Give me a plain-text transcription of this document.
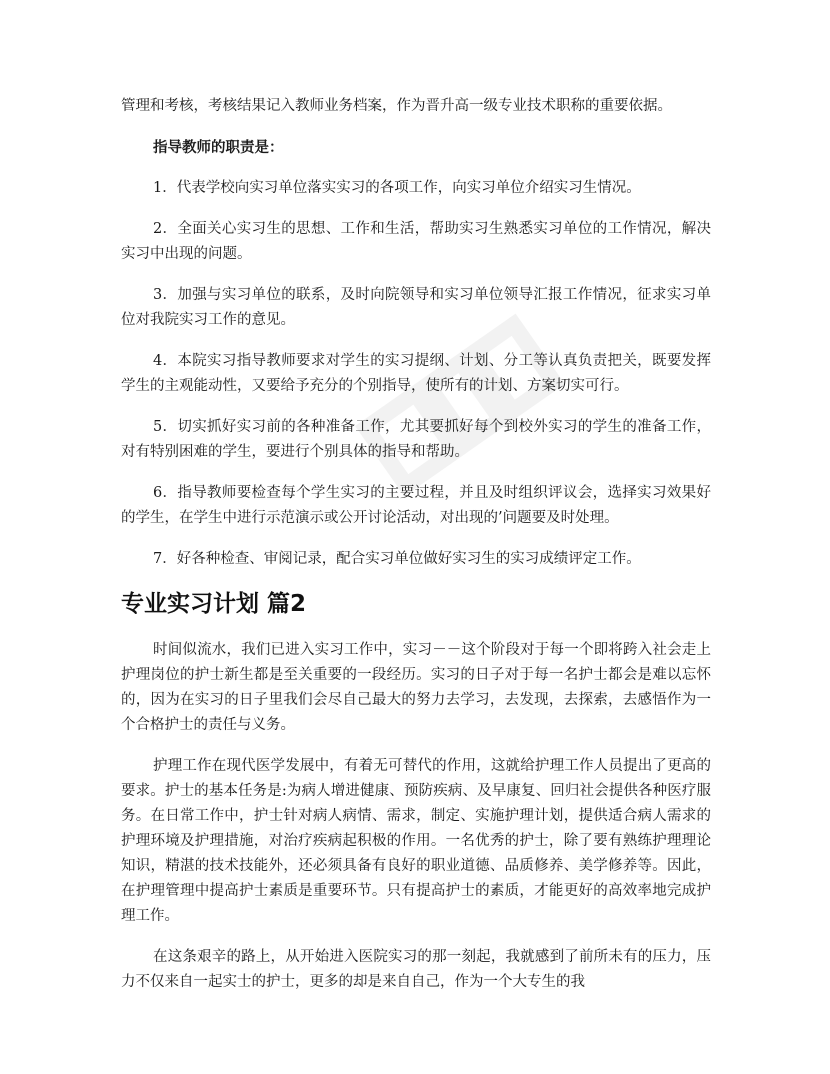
管理和考核，考核结果记入教师业务档案，作为晋升高一级专业技术职称的重要依据。

指导教师的职责是：

1．代表学校向实习单位落实实习的各项工作，向实习单位介绍实习生情况。

2．全面关心实习生的思想、工作和生活，帮助实习生熟悉实习单位的工作情况，解决实习中出现的问题。

3．加强与实习单位的联系，及时向院领导和实习单位领导汇报工作情况，征求实习单位对我院实习工作的意见。

4．本院实习指导教师要求对学生的实习提纲、计划、分工等认真负责把关，既要发挥学生的主观能动性，又要给予充分的个别指导，使所有的计划、方案切实可行。

5．切实抓好实习前的各种准备工作，尤其要抓好每个到校外实习的学生的准备工作，对有特别困难的学生，要进行个别具体的指导和帮助。

6．指导教师要检查每个学生实习的主要过程，并且及时组织评议会，选择实习效果好的学生，在学生中进行示范演示或公开讨论活动，对出现的’问题要及时处理。

7．好各种检查、审阅记录，配合实习单位做好实习生的实习成绩评定工作。

专业实习计划 篇2

时间似流水，我们已进入实习工作中，实习－－这个阶段对于每一个即将跨入社会走上护理岗位的护士新生都是至关重要的一段经历。实习的日子对于每一名护士都会是难以忘怀的，因为在实习的日子里我们会尽自己最大的努力去学习，去发现，去探索，去感悟作为一个合格护士的责任与义务。

护理工作在现代医学发展中，有着无可替代的作用，这就给护理工作人员提出了更高的要求。护士的基本任务是:为病人增进健康、预防疾病、及早康复、回归社会提供各种医疗服务。在日常工作中，护士针对病人病情、需求，制定、实施护理计划，提供适合病人需求的护理环境及护理措施，对治疗疾病起积极的作用。一名优秀的护士，除了要有熟练护理理论知识，精湛的技术技能外，还必须具备有良好的职业道德、品质修养、美学修养等。因此，在护理管理中提高护士素质是重要环节。只有提高护士的素质，才能更好的高效率地完成护理工作。

在这条艰辛的路上，从开始进入医院实习的那一刻起，我就感到了前所未有的压力，压力不仅来自一起实士的护士，更多的却是来自自己，作为一个大专生的我
